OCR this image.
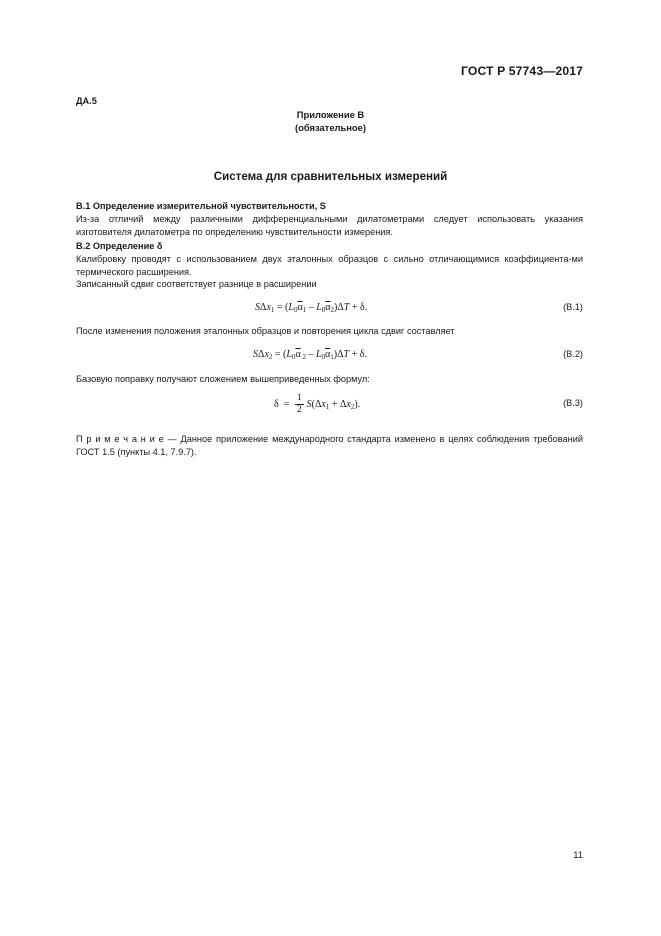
ГОСТ Р 57743—2017
ДА.5
Приложение В
(обязательное)
Система для сравнительных измерений
В.1 Определение измерительной чувствительности, S
Из-за отличий между различными дифференциальными дилатометрами следует использовать указания изготовителя дилатометра по определению чувствительности измерения.
В.2 Определение δ
Калибровку проводят с использованием двух эталонных образцов с сильно отличающимися коэффициента-ми термического расширения.
Записанный сдвиг соответствует разнице в расширении
$S\Delta x_1 = (L_0\overline{\alpha}_1 - L_0\overline{\alpha}_2)\Delta T + \delta$.	(В.1)
После изменения положения эталонных образцов и повторения цикла сдвиг составляет
$S\Delta x_2 = (L_0\overline{\alpha}$ $_2 - L_0\overline{\alpha}_1)\Delta T + \delta$.	(В.2)
Базовую поправку получают сложением вышеприведенных формул:
$\delta = \frac{1}{2} S(\Delta x_1 + \Delta x_2)$.	(В.3)
П р и м е ч а н и е — Данное приложение международного стандарта изменено в целях соблюдения требований ГОСТ 1.5 (пункты 4.1, 7.9.7).
11
